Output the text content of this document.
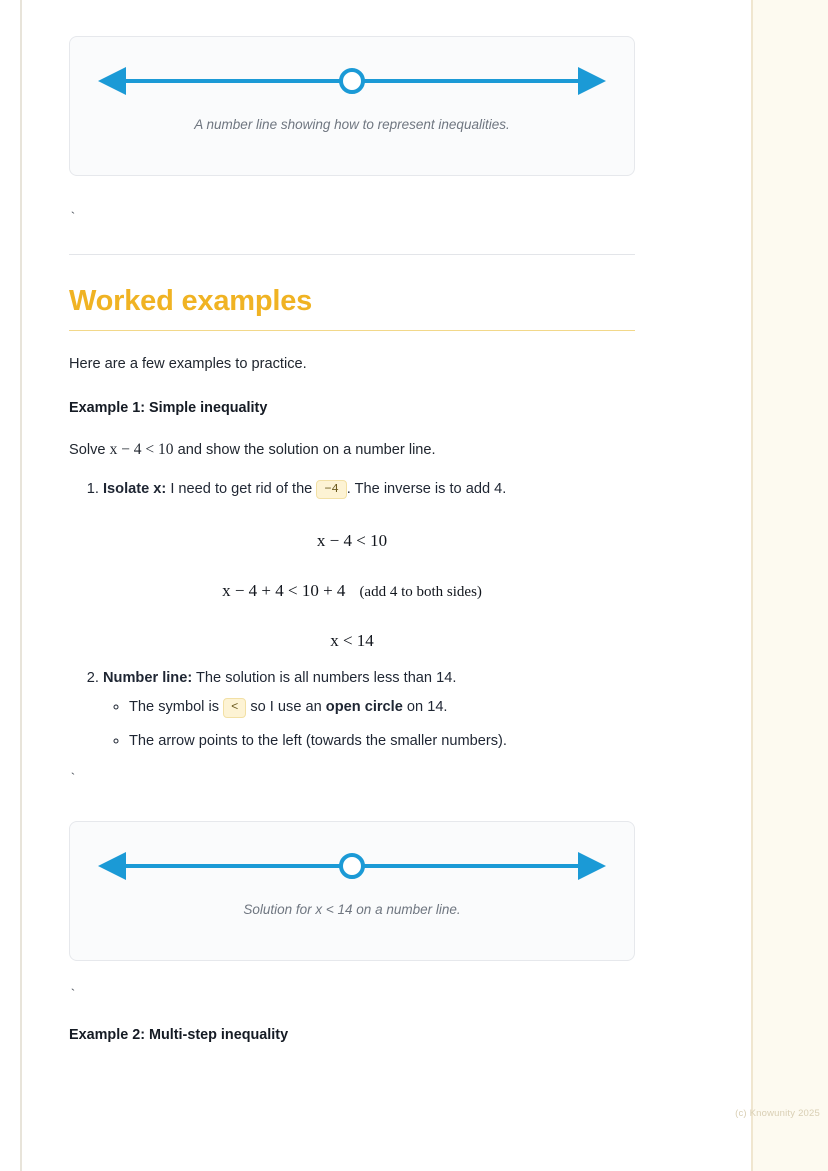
A number line showing how to represent inequalities.
`
Worked examples

Here are a few examples to practice.

Example 1: Simple inequality

Solve x − 4 < 10 and show the solution on a number line.

1. Isolate x: I need to get rid of the −4 . The inverse is to add 4.
x − 4 < 10
x − 4 + 4 < 10 + 4 (add 4 to both sides)
x < 14
2. Number line: The solution is all numbers less than 14.
◦ The symbol is < so I use an open circle on 14.
◦ The arrow points to the left (towards the smaller numbers).
`
Solution for x < 14 on a number line.
`

Example 2: Multi-step inequality

(c) Knowunity 2025
